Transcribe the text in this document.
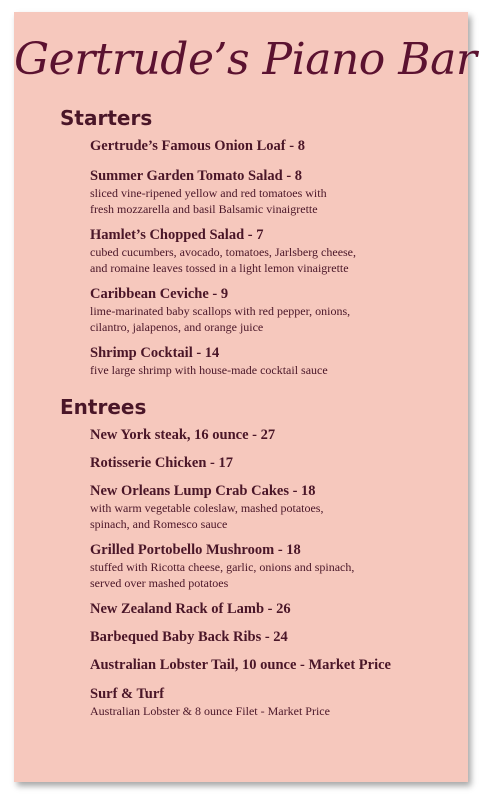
Gertrude’s Piano Bar
Starters
Gertrude’s Famous Onion Loaf - 8
Summer Garden Tomato Salad - 8
sliced vine-ripened yellow and red tomatoes with
fresh mozzarella and basil Balsamic vinaigrette
Hamlet’s Chopped Salad - 7
cubed cucumbers, avocado, tomatoes, Jarlsberg cheese,
and romaine leaves tossed in a light lemon vinaigrette
Caribbean Ceviche - 9
lime-marinated baby scallops with red pepper, onions,
cilantro, jalapenos, and orange juice
Shrimp Cocktail - 14
five large shrimp with house-made cocktail sauce
Entrees
New York steak, 16 ounce - 27
Rotisserie Chicken - 17
New Orleans Lump Crab Cakes - 18
with warm vegetable coleslaw, mashed potatoes,
spinach, and Romesco sauce
Grilled Portobello Mushroom - 18
stuffed with Ricotta cheese, garlic, onions and spinach,
served over mashed potatoes
New Zealand Rack of Lamb - 26
Barbequed Baby Back Ribs - 24
Australian Lobster Tail, 10 ounce - Market Price
Surf & Turf
Australian Lobster & 8 ounce Filet - Market Price
